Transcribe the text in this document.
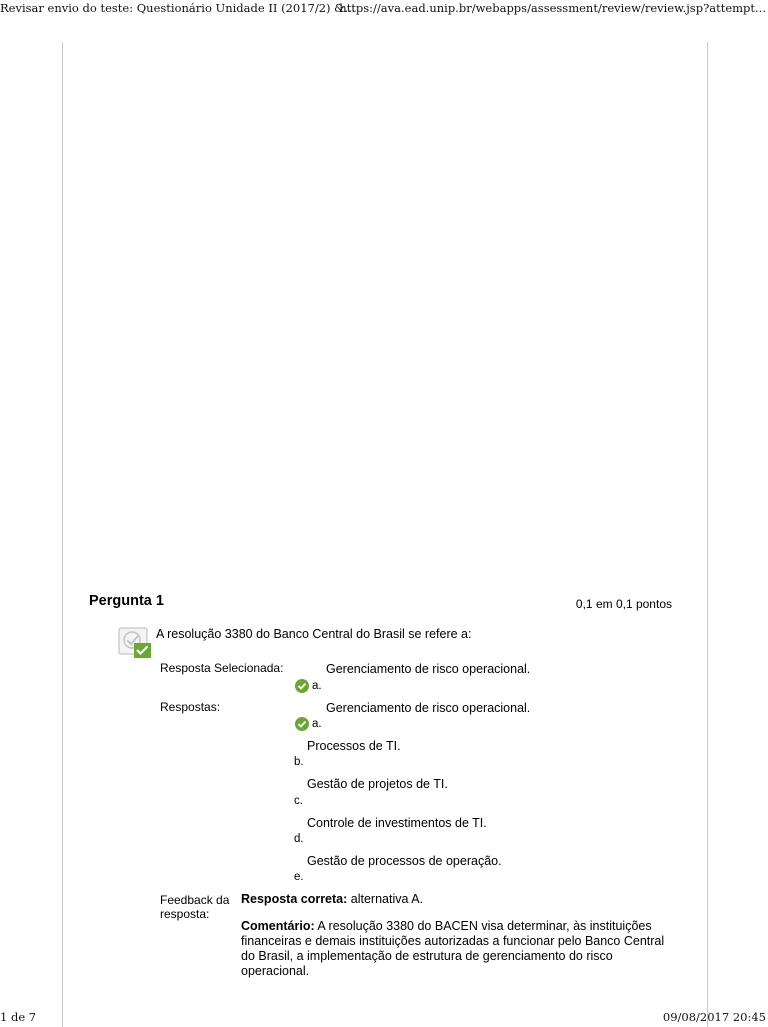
Revisar envio do teste: Questionário Unidade II (2017/2) &...
https://ava.ead.unip.br/webapps/assessment/review/review.jsp?attempt...
Pergunta 1	0,1 em 0,1 pontos
A resolução 3380 do Banco Central do Brasil se refere a:
Resposta Selecionada:	Gerenciamento de risco operacional.
a.
Respostas:	Gerenciamento de risco operacional.
a.
Processos de TI.
b.
Gestão de projetos de TI.
c.
Controle de investimentos de TI.
d.
Gestão de processos de operação.
e.
Feedback da
resposta:
Resposta correta: alternativa A.
Comentário: A resolução 3380 do BACEN visa determinar, às instituições financeiras e demais instituições autorizadas a funcionar pelo Banco Central do Brasil, a implementação de estrutura de gerenciamento do risco operacional.
1 de 7	09/08/2017 20:45
